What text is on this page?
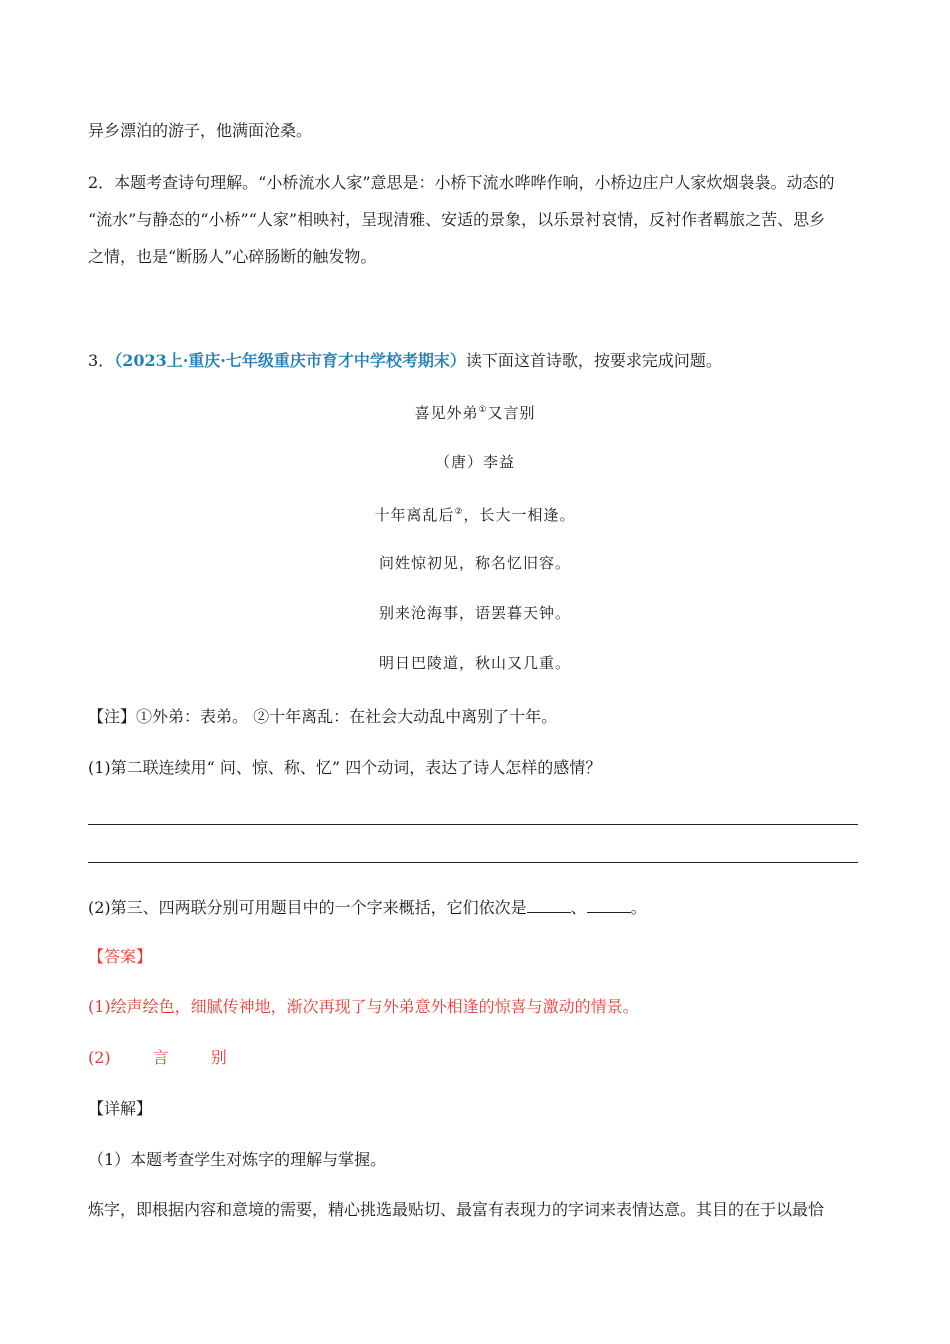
异乡漂泊的游子，他满面沧桑。
2．本题考查诗句理解。“小桥流水人家”意思是：小桥下流水哗哗作响，小桥边庄户人家炊烟袅袅。动态的
“流水”与静态的“小桥”“人家”相映衬，呈现清雅、安适的景象，以乐景衬哀情，反衬作者羁旅之苦、思乡
之情，也是“断肠人”心碎肠断的触发物。
3．（2023上·重庆·七年级重庆市育才中学校考期末）读下面这首诗歌，按要求完成问题。
喜见外弟①又言别
（唐）李益
十年离乱后②，长大一相逢。
问姓惊初见，称名忆旧容。
别来沧海事，语罢暮天钟。
明日巴陵道，秋山又几重。
【注】①外弟：表弟。 ②十年离乱：在社会大动乱中离别了十年。
(1)第二联连续用“ 问、惊、称、忆” 四个动词，表达了诗人怎样的感情？
(2)第三、四两联分别可用题目中的一个字来概括，它们依次是	、	。
【答案】
(1)绘声绘色，细腻传神地，渐次再现了与外弟意外相逢的惊喜与激动的情景。
(2)	言	别
【详解】
（1）本题考查学生对炼字的理解与掌握。
炼字，即根据内容和意境的需要，精心挑选最贴切、最富有表现力的字词来表情达意。其目的在于以最恰
